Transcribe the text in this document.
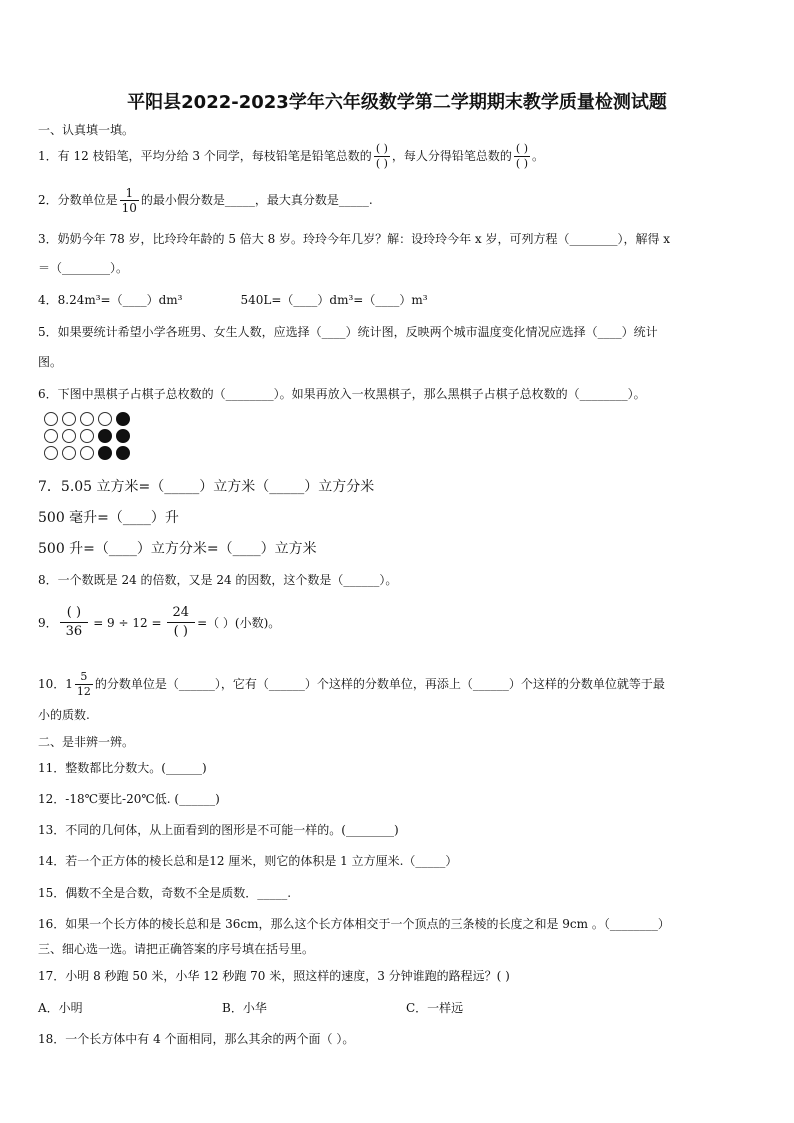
平阳县2022-2023学年六年级数学第二学期期末教学质量检测试题
一、认真填一填。
1．有 12 枝铅笔，平均分给 3 个同学，每枝铅笔是铅笔总数的 $\frac{( )}{( )}$ ，每人分得铅笔总数的 $\frac{( )}{( )}$ 。
2．分数单位是 $\frac{1}{10}$ 的最小假分数是_____，最大真分数是_____.
3．奶奶今年 78 岁，比玲玲年龄的 5 倍大 8 岁。玲玲今年几岁？解：设玲玲今年 x 岁，可列方程（________），解得 x
＝（________）。
4．8.24m³=（____）dm³	540L=（____）dm³=（____）m³
5．如果要统计希望小学各班男、女生人数，应选择（____）统计图，反映两个城市温度变化情况应选择（____）统计
图。
6．下图中黑棋子占棋子总枚数的（________）。如果再放入一枚黑棋子，那么黑棋子占棋子总枚数的（________）。
7．5.05 立方米=（_____）立方米（_____）立方分米
500 毫升=（____）升
500 升=（____）立方分米=（____）立方米
8．一个数既是 24 的倍数，又是 24 的因数，这个数是（______）。
9． $\frac{( )}{36} = 9 \div 12 = \frac{24}{( )}$ =（ ）(小数)。
10．$1 \frac{5}{12}$ 的分数单位是（______），它有（______）个这样的分数单位，再添上（______）个这样的分数单位就等于最
小的质数.
二、是非辨一辨。
11．整数都比分数大。(______)
12．-18℃要比-20℃低. (______)
13．不同的几何体，从上面看到的图形是不可能一样的。(________)
14．若一个正方体的棱长总和是12 厘米，则它的体积是 1 立方厘米.（_____）
15．偶数不全是合数，奇数不全是质数．_____.
16．如果一个长方体的棱长总和是 36cm，那么这个长方体相交于一个顶点的三条棱的长度之和是 9cm 。（________）
三、细心选一选。请把正确答案的序号填在括号里。
17．小明 8 秒跑 50 米，小华 12 秒跑 70 米，照这样的速度，3 分钟谁跑的路程远？( )
A．小明	B．小华	C．一样远
18．一个长方体中有 4 个面相同，那么其余的两个面（ ）。
